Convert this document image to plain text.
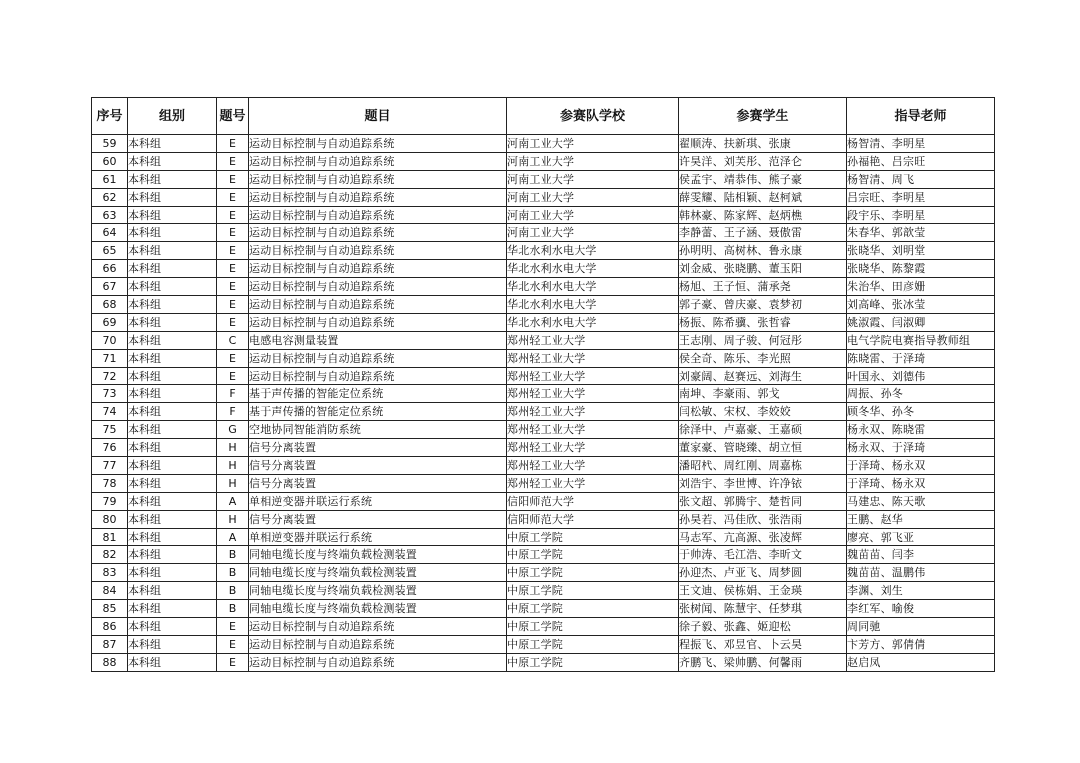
序号	组别	题号	题目	参赛队学校	参赛学生	指导老师
59	本科组	E	运动目标控制与自动追踪系统	河南工业大学	翟顺涛、扶新琪、张康	杨智清、李明星
60	本科组	E	运动目标控制与自动追踪系统	河南工业大学	许昊洋、刘芙彤、范泽仑	孙福艳、吕宗旺
61	本科组	E	运动目标控制与自动追踪系统	河南工业大学	侯孟宇、靖恭伟、熊子豪	杨智清、周飞
62	本科组	E	运动目标控制与自动追踪系统	河南工业大学	薛雯耀、陆相颖、赵柯斌	吕宗旺、李明星
63	本科组	E	运动目标控制与自动追踪系统	河南工业大学	韩林豪、陈家辉、赵炳樵	段宇乐、李明星
64	本科组	E	运动目标控制与自动追踪系统	河南工业大学	李静蕾、王子涵、聂傲雷	朱春华、郭歆莹
65	本科组	E	运动目标控制与自动追踪系统	华北水利水电大学	孙明明、高树林、鲁永康	张晓华、刘明堂
66	本科组	E	运动目标控制与自动追踪系统	华北水利水电大学	刘金威、张晓鹏、董玉阳	张晓华、陈黎霞
67	本科组	E	运动目标控制与自动追踪系统	华北水利水电大学	杨旭、王子恒、蒲承尧	朱治华、田彦姗
68	本科组	E	运动目标控制与自动追踪系统	华北水利水电大学	郭子豪、曾庆豪、袁梦初	刘高峰、张冰莹
69	本科组	E	运动目标控制与自动追踪系统	华北水利水电大学	杨振、陈希骥、张哲睿	姚淑霞、闫淑卿
70	本科组	C	电感电容测量装置	郑州轻工业大学	王志刚、周子骏、何冠彤	电气学院电赛指导教师组
71	本科组	E	运动目标控制与自动追踪系统	郑州轻工业大学	侯全奇、陈乐、李光照	陈晓雷、于泽琦
72	本科组	E	运动目标控制与自动追踪系统	郑州轻工业大学	刘豪阔、赵赛远、刘海生	叶国永、刘德伟
73	本科组	F	基于声传播的智能定位系统	郑州轻工业大学	南坤、李豪雨、郭戈	周振、孙冬
74	本科组	F	基于声传播的智能定位系统	郑州轻工业大学	闫松敏、宋权、李姣姣	顾冬华、孙冬
75	本科组	G	空地协同智能消防系统	郑州轻工业大学	徐泽中、卢嘉豪、王嘉硕	杨永双、陈晓雷
76	本科组	H	信号分离装置	郑州轻工业大学	董家豪、管晓臻、胡立恒	杨永双、于泽琦
77	本科组	H	信号分离装置	郑州轻工业大学	潘昭杙、周红刚、周嘉栋	于泽琦、杨永双
78	本科组	H	信号分离装置	郑州轻工业大学	刘浩宇、李世博、许净铱	于泽琦、杨永双
79	本科组	A	单相逆变器并联运行系统	信阳师范大学	张文超、郭腾宇、楚哲同	马建忠、陈天歌
80	本科组	H	信号分离装置	信阳师范大学	孙昊若、冯佳欣、张浩雨	王鹏、赵华
81	本科组	A	单相逆变器并联运行系统	中原工学院	马志军、亢高源、张凌辉	廖亮、郭飞亚
82	本科组	B	同轴电缆长度与终端负载检测装置	中原工学院	于帅涛、毛江浩、李昕文	魏苗苗、闫李
83	本科组	B	同轴电缆长度与终端负载检测装置	中原工学院	孙迎杰、卢亚飞、周梦圆	魏苗苗、温鹏伟
84	本科组	B	同轴电缆长度与终端负载检测装置	中原工学院	王文迪、侯栋娟、王金瑛	李渊、刘生
85	本科组	B	同轴电缆长度与终端负载检测装置	中原工学院	张树闻、陈慧宇、任梦琪	李红军、喻俊
86	本科组	E	运动目标控制与自动追踪系统	中原工学院	徐子毅、张鑫、姬迎松	周同驰
87	本科组	E	运动目标控制与自动追踪系统	中原工学院	程振飞、邓昱官、卜云昊	卞芳方、郭倩倩
88	本科组	E	运动目标控制与自动追踪系统	中原工学院	齐鹏飞、梁帅鹏、何馨雨	赵启凤
